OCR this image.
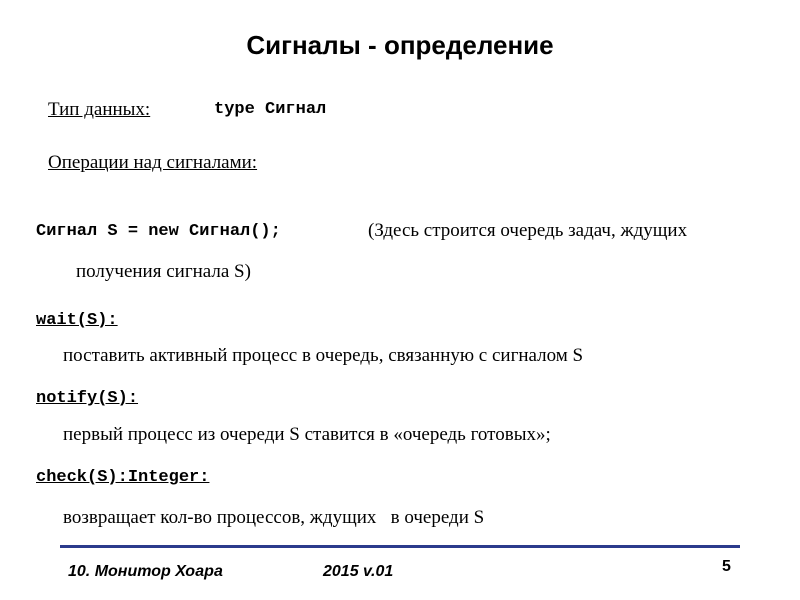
Сигналы - определение
Тип данных:	type Сигнал
Операции над сигналами:
Сигнал S = new Сигнал();	(Здесь строится очередь задач, ждущих
получения сигнала S)
wait(S):
поставить активный процесс в очередь, связанную с сигналом S
notify(S):
первый процесс из очереди S ставится в «очередь готовых»;
check(S):Integer:
возвращает кол-во процессов, ждущих   в очереди S
10. Монитор Хоара	2015 v.01	5
